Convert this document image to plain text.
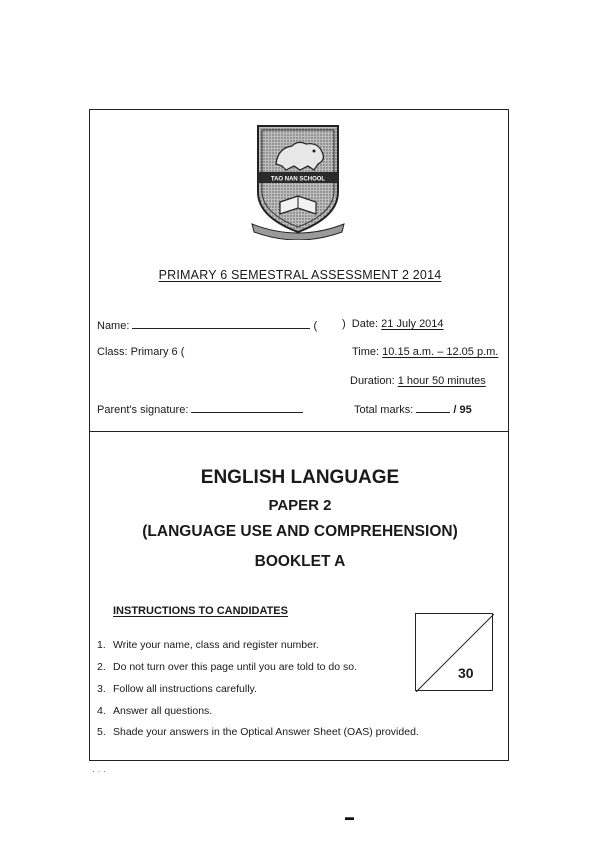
TAO NAN SCHOOL
PRIMARY 6 SEMESTRAL ASSESSMENT 2 2014
Name:	( ) Date: 21 July 2014
Class: Primary 6 (	Time: 10.15 a.m. – 12.05 p.m.
Duration: 1 hour 50 minutes
Parent's signature:	Total marks:	/ 95
ENGLISH LANGUAGE
PAPER 2
(LANGUAGE USE AND COMPREHENSION)
BOOKLET A
INSTRUCTIONS TO CANDIDATES
1. Write your name, class and register number.
2. Do not turn over this page until you are told to do so.
3. Follow all instructions carefully.
4. Answer all questions.
5. Shade your answers in the Optical Answer Sheet (OAS) provided.
30
· · ·
▬
